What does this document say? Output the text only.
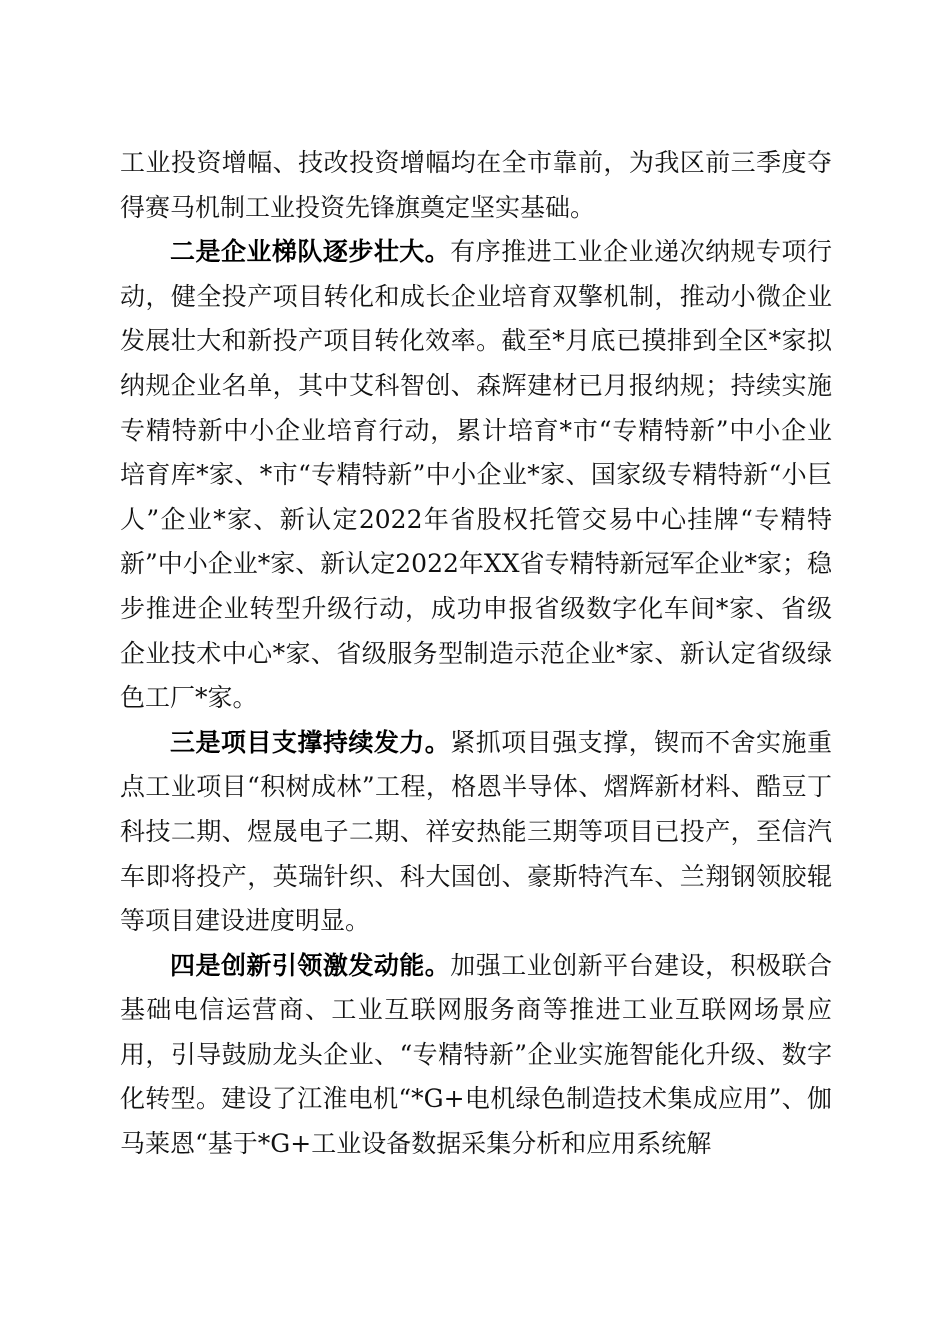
工业投资增幅、技改投资增幅均在全市靠前，为我区前三季度夺得赛马机制工业投资先锋旗奠定坚实基础。

二是企业梯队逐步壮大。有序推进工业企业递次纳规专项行动，健全投产项目转化和成长企业培育双擎机制，推动小微企业发展壮大和新投产项目转化效率。截至*月底已摸排到全区*家拟纳规企业名单，其中艾科智创、森辉建材已月报纳规；持续实施专精特新中小企业培育行动，累计培育*市“专精特新”中小企业培育库*家、*市“专精特新”中小企业*家、国家级专精特新“小巨人”企业*家、新认定2022年省股权托管交易中心挂牌“专精特新”中小企业*家、新认定2022年XX省专精特新冠军企业*家；稳步推进企业转型升级行动，成功申报省级数字化车间*家、省级企业技术中心*家、省级服务型制造示范企业*家、新认定省级绿色工厂*家。

三是项目支撑持续发力。紧抓项目强支撑，锲而不舍实施重点工业项目“积树成林”工程，格恩半导体、熠辉新材料、酷豆丁科技二期、煜晟电子二期、祥安热能三期等项目已投产，至信汽车即将投产，英瑞针织、科大国创、豪斯特汽车、兰翔钢领胶辊等项目建设进度明显。

四是创新引领激发动能。加强工业创新平台建设，积极联合基础电信运营商、工业互联网服务商等推进工业互联网场景应用，引导鼓励龙头企业、“专精特新”企业实施智能化升级、数字化转型。建设了江淮电机“*G+电机绿色制造技术集成应用”、伽马莱恩“基于*G+工业设备数据采集分析和应用系统解
